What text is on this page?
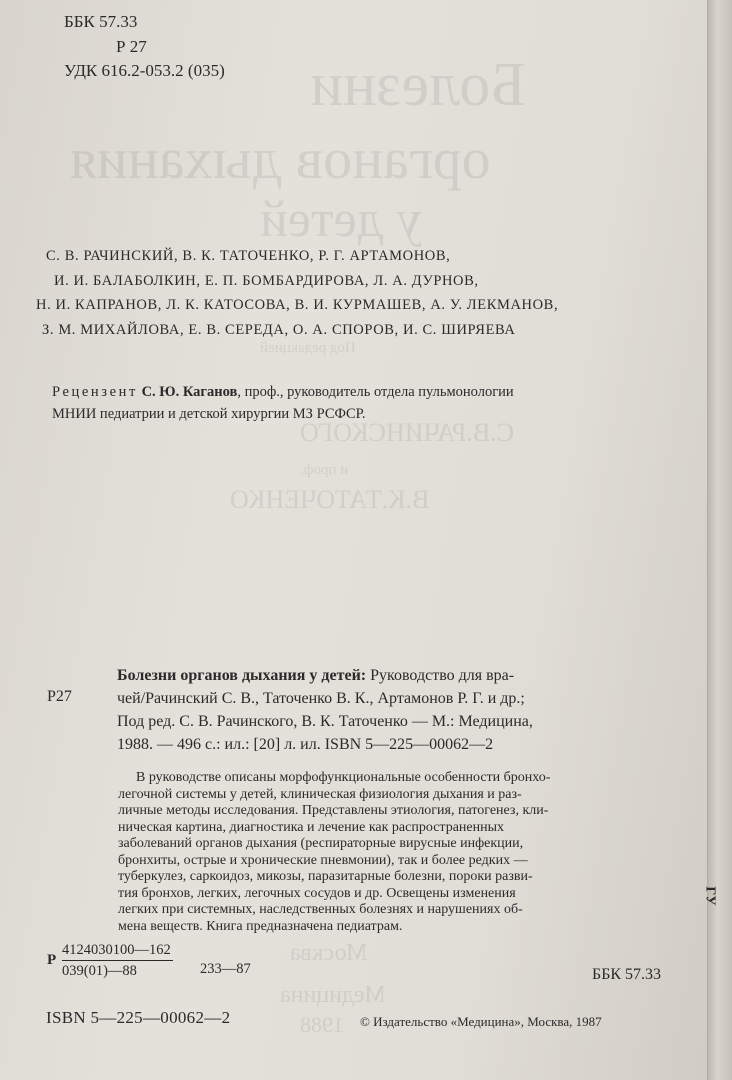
Болезни
органов дыхания
у детей
Под редакцией
С.В.РАЧИНСКОГО
и проф.
В.К.ТАТОЧЕНКО
Москва
Медицина
1988
ББК 57.33
Р 27
УДК 616.2-053.2 (035)
С. В. РАЧИНСКИЙ, В. К. ТАТОЧЕНКО, Р. Г. АРТАМОНОВ,
И. И. БАЛАБОЛКИН, Е. П. БОМБАРДИРОВА, Л. А. ДУРНОВ,
Н. И. КАПРАНОВ, Л. К. КАТОСОВА, В. И. КУРМАШЕВ, А. У. ЛЕКМАНОВ,
З. М. МИХАЙЛОВА, Е. В. СЕРЕДА, О. А. СПОРОВ, И. С. ШИРЯЕВА
Рецензент С. Ю. Каганов, проф., руководитель отдела пульмонологии
МНИИ педиатрии и детской хирургии МЗ РСФСР.
Р27
Болезни органов дыхания у детей: Руководство для вра-
чей/Рачинский С. В., Таточенко В. К., Артамонов Р. Г. и др.;
Под ред. С. В. Рачинского, В. К. Таточенко — М.: Медицина,
1988. — 496 с.: ил.: [20] л. ил. ISBN 5—225—00062—2
В руководстве описаны морфофункциональные особенности бронхо-
легочной системы у детей, клиническая физиология дыхания и раз-
личные методы исследования. Представлены этиология, патогенез, кли-
ническая картина, диагностика и лечение как распространенных
заболеваний органов дыхания (респираторные вирусные инфекции,
бронхиты, острые и хронические пневмонии), так и более редких —
туберкулез, саркоидоз, микозы, паразитарные болезни, пороки разви-
тия бронхов, легких, легочных сосудов и др. Освещены изменения
легких при системных, наследственных болезнях и нарушениях об-
мена веществ. Книга предназначена педиатрам.
Р $\frac{4124030100—162}{039(01)—88}$ 233—87	ББК 57.33
ISBN 5—225—00062—2	© Издательство «Медицина», Москва, 1987
ГУ
